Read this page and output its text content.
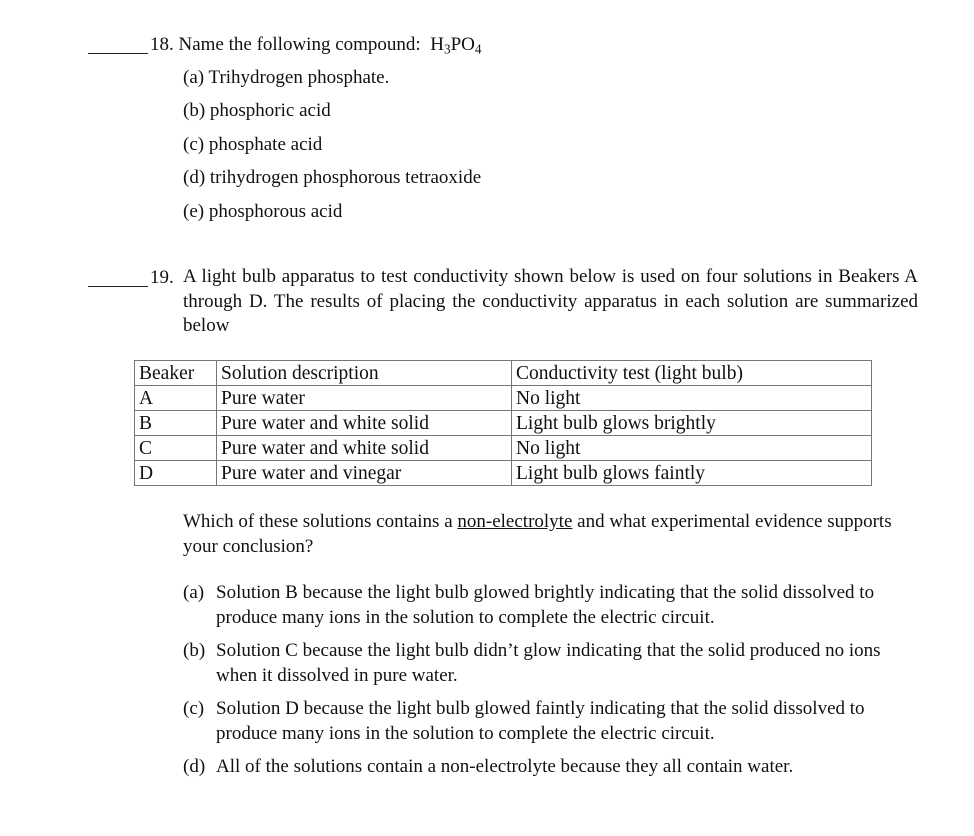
18. Name the following compound: $H_3PO_4$
(a) Trihydrogen phosphate.
(b) phosphoric acid
(c) phosphate acid
(d) trihydrogen phosphorous tetraoxide
(e) phosphorous acid
19. A light bulb apparatus to test conductivity shown below is used on four solutions in Beakers A through D. The results of placing the conductivity apparatus in each solution are summarized below
Beaker	Solution description	Conductivity test (light bulb)
A	Pure water	No light
B	Pure water and white solid	Light bulb glows brightly
C	Pure water and white solid	No light
D	Pure water and vinegar	Light bulb glows faintly
Which of these solutions contains a non-electrolyte and what experimental evidence supports your conclusion?
(a) Solution B because the light bulb glowed brightly indicating that the solid dissolved to produce many ions in the solution to complete the electric circuit.
(b) Solution C because the light bulb didn’t glow indicating that the solid produced no ions when it dissolved in pure water.
(c) Solution D because the light bulb glowed faintly indicating that the solid dissolved to produce many ions in the solution to complete the electric circuit.
(d) All of the solutions contain a non-electrolyte because they all contain water.
